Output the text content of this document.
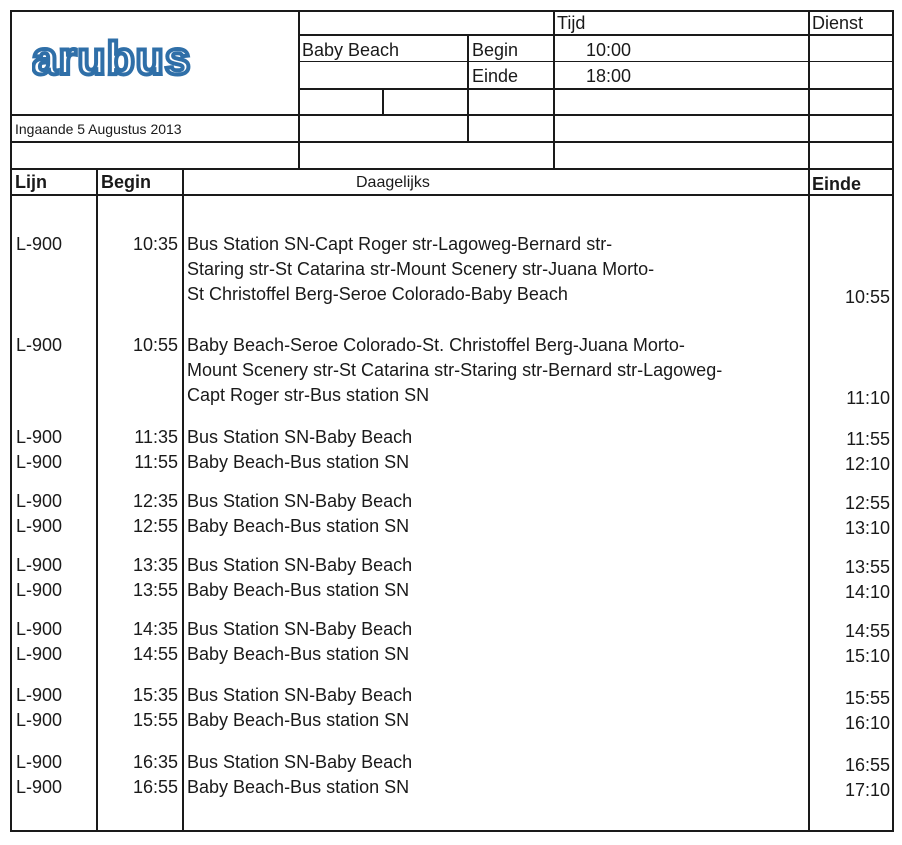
arubus
Tijd	Dienst
Baby Beach	Begin	10:00
Einde	18:00
Ingaande 5 Augustus 2013
Lijn	Begin	Daagelijks	Einde
L-900	10:35 Bus Station SN-Capt Roger str-Lagoweg-Bernard str-
Staring str-St Catarina str-Mount Scenery str-Juana Morto-
St Christoffel Berg-Seroe Colorado-Baby Beach	10:55
L-900	10:55 Baby Beach-Seroe Colorado-St. Christoffel Berg-Juana Morto-
Mount Scenery str-St Catarina str-Staring str-Bernard str-Lagoweg-
Capt Roger str-Bus station SN	11:10
L-900	11:35 Bus Station SN-Baby Beach	11:55
L-900	11:55 Baby Beach-Bus station SN	12:10
L-900	12:35 Bus Station SN-Baby Beach	12:55
L-900	12:55 Baby Beach-Bus station SN	13:10
L-900	13:35 Bus Station SN-Baby Beach	13:55
L-900	13:55 Baby Beach-Bus station SN	14:10
L-900	14:35 Bus Station SN-Baby Beach	14:55
L-900	14:55 Baby Beach-Bus station SN	15:10
L-900	15:35 Bus Station SN-Baby Beach	15:55
L-900	15:55 Baby Beach-Bus station SN	16:10
L-900	16:35 Bus Station SN-Baby Beach	16:55
L-900	16:55 Baby Beach-Bus station SN	17:10
